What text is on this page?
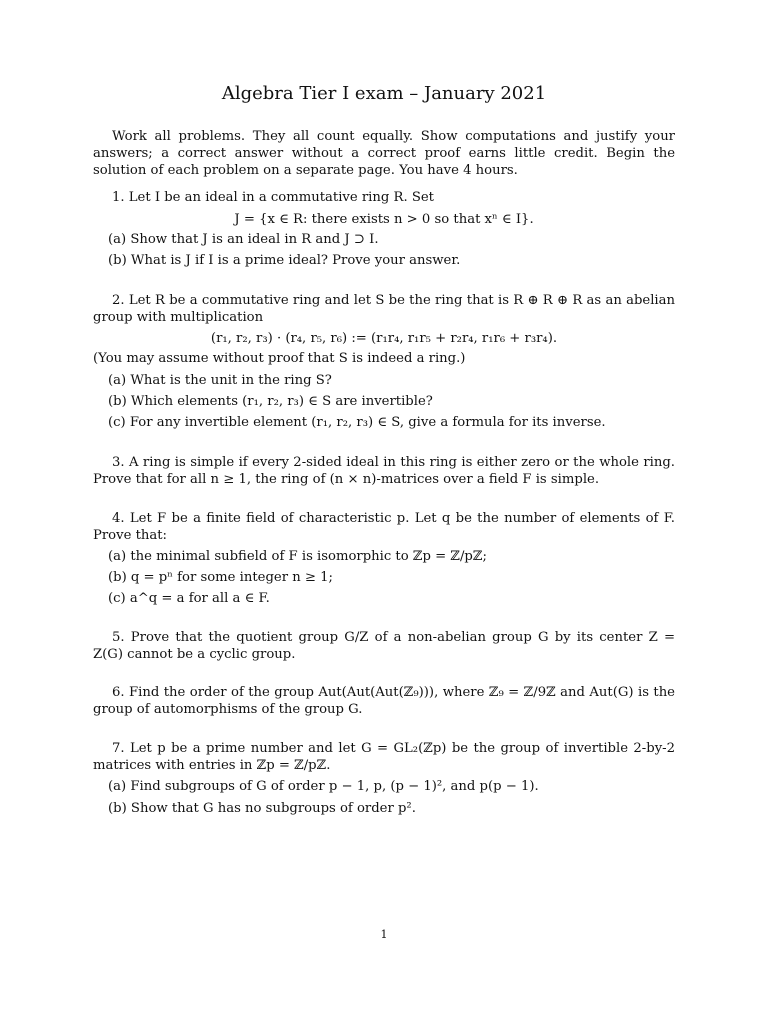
Algebra Tier I exam – January 2021
Work all problems. They all count equally. Show computations and justify your answers; a correct answer without a correct proof earns little credit. Begin the solution of each problem on a separate page. You have 4 hours.
1. Let I be an ideal in a commutative ring R. Set
J = {x ∈ R: there exists n > 0 so that xⁿ ∈ I}.
(a) Show that J is an ideal in R and J ⊃ I.
(b) What is J if I is a prime ideal? Prove your answer.
2. Let R be a commutative ring and let S be the ring that is R ⊕ R ⊕ R as an abelian group with multiplication
(r₁, r₂, r₃) · (r₄, r₅, r₆) := (r₁r₄, r₁r₅ + r₂r₄, r₁r₆ + r₃r₄).
(You may assume without proof that S is indeed a ring.)
(a) What is the unit in the ring S?
(b) Which elements (r₁, r₂, r₃) ∈ S are invertible?
(c) For any invertible element (r₁, r₂, r₃) ∈ S, give a formula for its inverse.
3. A ring is simple if every 2-sided ideal in this ring is either zero or the whole ring. Prove that for all n ≥ 1, the ring of (n × n)-matrices over a field F is simple.
4. Let F be a finite field of characteristic p. Let q be the number of elements of F. Prove that:
(a) the minimal subfield of F is isomorphic to ℤp = ℤ/pℤ;
(b) q = pⁿ for some integer n ≥ 1;
(c) a^q = a for all a ∈ F.
5. Prove that the quotient group G/Z of a non-abelian group G by its center Z = Z(G) cannot be a cyclic group.
6. Find the order of the group Aut(Aut(Aut(ℤ₉))), where ℤ₉ = ℤ/9ℤ and Aut(G) is the group of automorphisms of the group G.
7. Let p be a prime number and let G = GL₂(ℤp) be the group of invertible 2-by-2 matrices with entries in ℤp = ℤ/pℤ.
(a) Find subgroups of G of order p − 1, p, (p − 1)², and p(p − 1).
(b) Show that G has no subgroups of order p².
1
